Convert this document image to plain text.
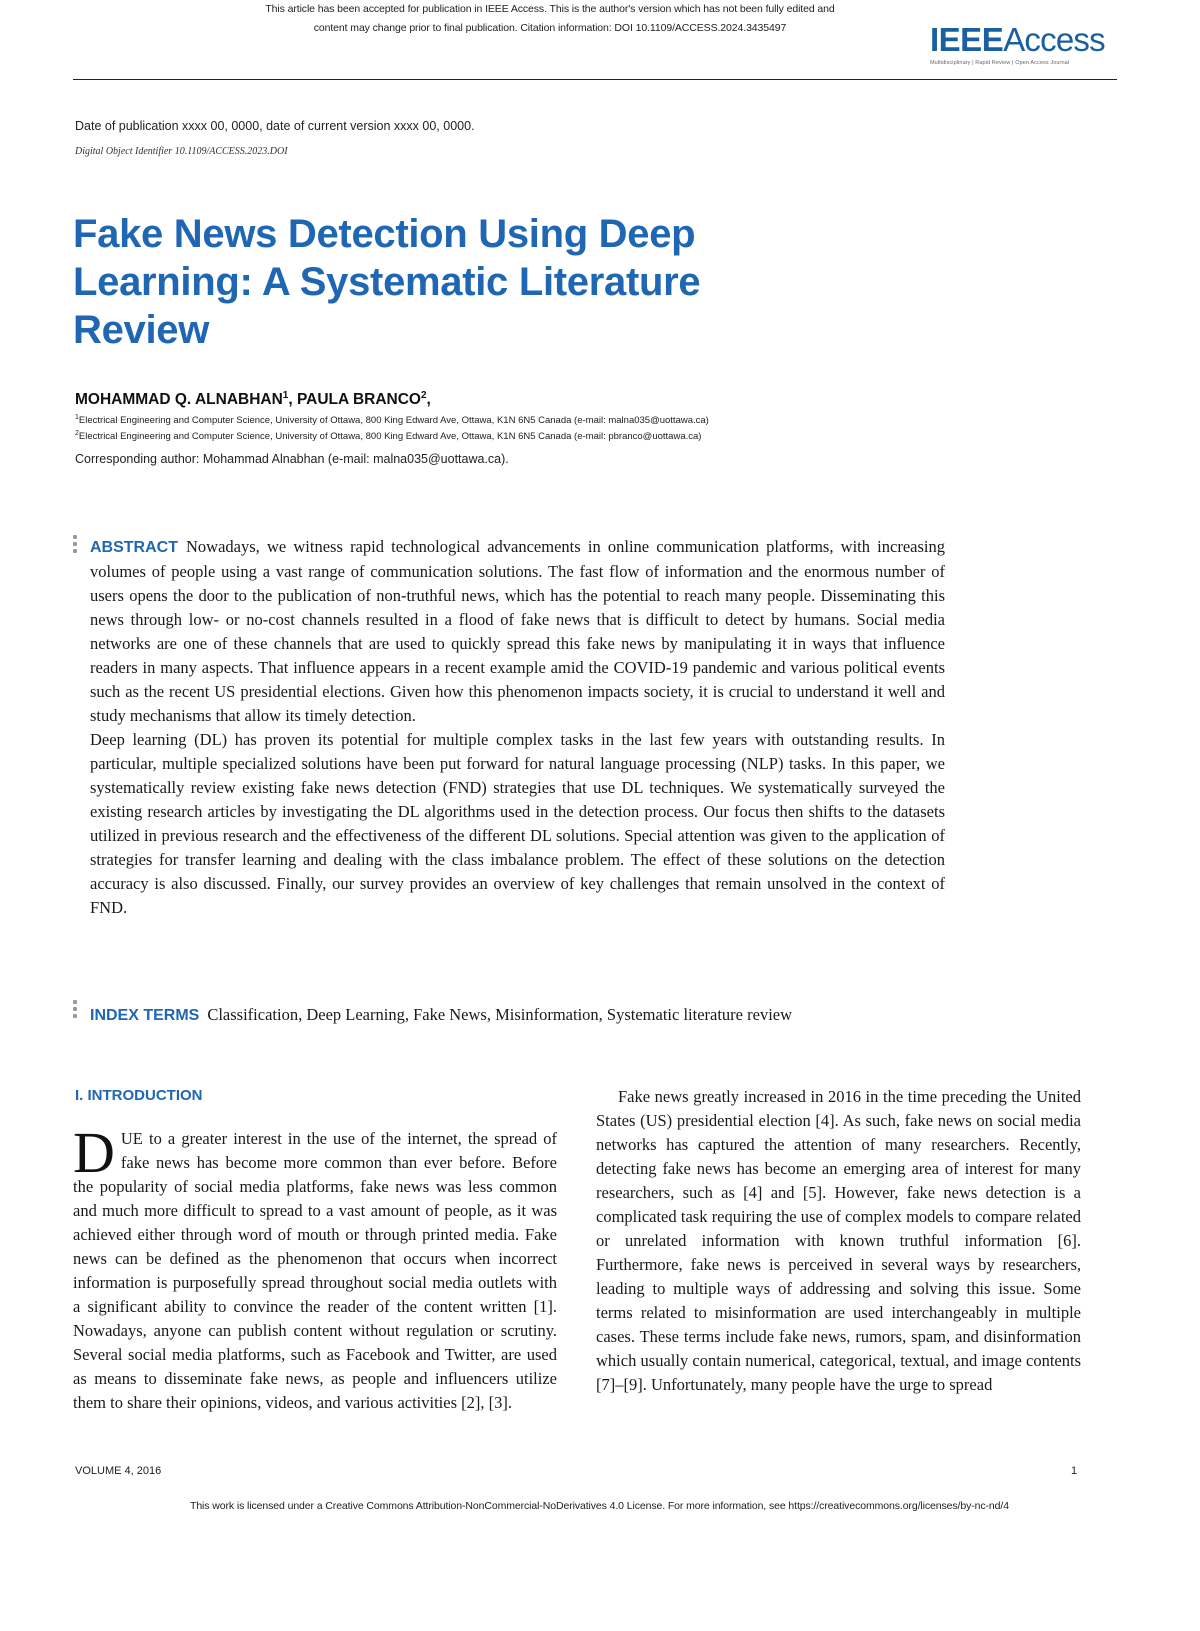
This article has been accepted for publication in IEEE Access. This is the author's version which has not been fully edited and
content may change prior to final publication. Citation information: DOI 10.1109/ACCESS.2024.3435497	IEEEAccess
Multidisciplinary | Rapid Review | Open Access Journal
Date of publication xxxx 00, 0000, date of current version xxxx 00, 0000.
Digital Object Identifier 10.1109/ACCESS.2023.DOI
Fake News Detection Using Deep Learning: A Systematic Literature Review
MOHAMMAD Q. ALNABHAN$^1$, PAULA BRANCO$^2$,
$^1$Electrical Engineering and Computer Science, University of Ottawa, 800 King Edward Ave, Ottawa, K1N 6N5 Canada (e-mail: malna035@uottawa.ca)
$^2$Electrical Engineering and Computer Science, University of Ottawa, 800 King Edward Ave, Ottawa, K1N 6N5 Canada (e-mail: pbranco@uottawa.ca)
Corresponding author: Mohammad Alnabhan (e-mail: malna035@uottawa.ca).

ABSTRACT Nowadays, we witness rapid technological advancements in online communication platforms, with increasing volumes of people using a vast range of communication solutions. The fast flow of information and the enormous number of users opens the door to the publication of non-truthful news, which has the potential to reach many people. Disseminating this news through low- or no-cost channels resulted in a flood of fake news that is difficult to detect by humans. Social media networks are one of these channels that are used to quickly spread this fake news by manipulating it in ways that influence readers in many aspects. That influence appears in a recent example amid the COVID-19 pandemic and various political events such as the recent US presidential elections. Given how this phenomenon impacts society, it is crucial to understand it well and study mechanisms that allow its timely detection.

Deep learning (DL) has proven its potential for multiple complex tasks in the last few years with outstanding results. In particular, multiple specialized solutions have been put forward for natural language processing (NLP) tasks. In this paper, we systematically review existing fake news detection (FND) strategies that use DL techniques. We systematically surveyed the existing research articles by investigating the DL algorithms used in the detection process. Our focus then shifts to the datasets utilized in previous research and the effectiveness of the different DL solutions. Special attention was given to the application of strategies for transfer learning and dealing with the class imbalance problem. The effect of these solutions on the detection accuracy is also discussed. Finally, our survey provides an overview of key challenges that remain unsolved in the context of FND.

INDEX TERMS Classification, Deep Learning, Fake News, Misinformation, Systematic literature review
I. INTRODUCTION
DUE to a greater interest in the use of the internet, the spread of fake news has become more common than ever before. Before the popularity of social media platforms, fake news was less common and much more difficult to spread to a vast amount of people, as it was achieved either through word of mouth or through printed media. Fake news can be defined as the phenomenon that occurs when incorrect information is purposefully spread throughout social media outlets with a significant ability to convince the reader of the content written [1]. Nowadays, anyone can publish content without regulation or scrutiny. Several social media platforms, such as Facebook and Twitter, are used as means to disseminate fake news, as people and influencers utilize them to share their opinions, videos, and various activities [2], [3].

Fake news greatly increased in 2016 in the time preceding the United States (US) presidential election [4]. As such, fake news on social media networks has captured the attention of many researchers. Recently, detecting fake news has become an emerging area of interest for many researchers, such as [4] and [5]. However, fake news detection is a complicated task requiring the use of complex models to compare related or unrelated information with known truthful information [6]. Furthermore, fake news is perceived in several ways by researchers, leading to multiple ways of addressing and solving this issue. Some terms related to misinformation are used interchangeably in multiple cases. These terms include fake news, rumors, spam, and disinformation which usually contain numerical, categorical, textual, and image contents [7]–[9]. Unfortunately, many people have the urge to spread

VOLUME 4, 2016	1
This work is licensed under a Creative Commons Attribution-NonCommercial-NoDerivatives 4.0 License. For more information, see https://creativecommons.org/licenses/by-nc-nd/4
